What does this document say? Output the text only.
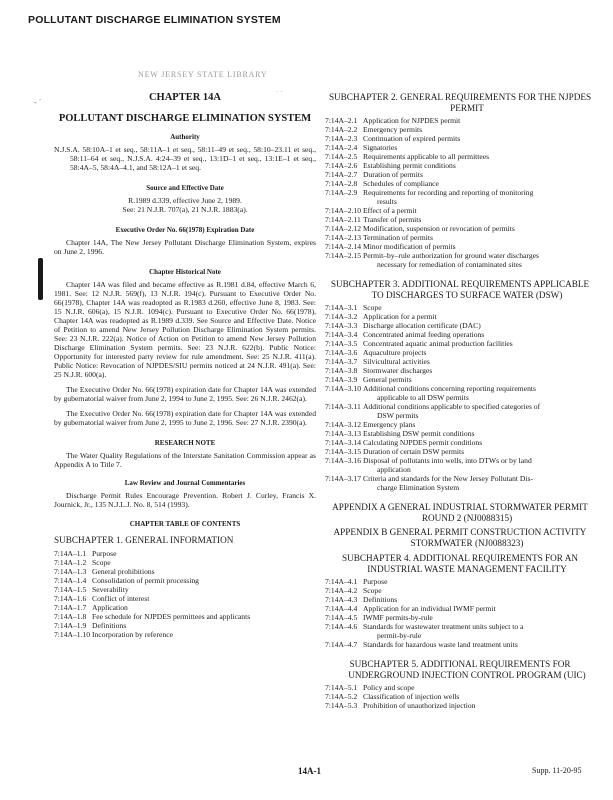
POLLUTANT DISCHARGE ELIMINATION SYSTEM
NEW JERSEY STATE LIBRARY
- ´
· ·
CHAPTER 14A
POLLUTANT DISCHARGE ELIMINATION SYSTEM
Authority

N.J.S.A. 58:10A–1 et seq., 58:11A–1 et seq., 58:11–49 et seq., 58:10–23.11 et seq., 58:11–64 et seq., N.J.S.A. 4:24–39 et seq., 13:1D–1 et seq., 13:1E–1 et seq., 58:4A–5, 58:4A–4.1, and 58:12A–1 et seq.

Source and Effective Date

R.1989 d.339, effective June 2, 1989.

See: 21 N.J.R. 707(a), 21 N.J.R. 1883(a).

Executive Order No. 66(1978) Expiration Date

Chapter 14A, The New Jersey Pollutant Discharge Elimination System, expires on June 2, 1996.

Chapter Historical Note

Chapter 14A was filed and became effective as R.1981 d.84, effective March 6, 1981. See: 12 N.J.R. 569(f), 13 N.J.R. 194(c). Pursuant to Executive Order No. 66(1978), Chapter 14A was readopted as R.1983 d.260, effective June 8, 1983. See: 15 N.J.R. 606(a), 15 N.J.R. 1094(c). Pursuant to Executive Order No. 66(1978), Chapter 14A was readopted as R.1989 d.339. See Source and Effective Date. Notice of Petition to amend New Jersey Pollution Discharge Elimination System permits. See: 23 N.J.R. 222(a). Notice of Action on Petition to amend New Jersey Pollution Discharge Elimination System permits. See: 23 N.J.R. 622(b). Public Notice: Opportunity for interested party review for rule amendment. See: 25 N.J.R. 411(a). Public Notice: Revocation of NJPDES/SIU permits noticed at 24 N.J.R. 491(a). See: 25 N.J.R. 600(a).

The Executive Order No. 66(1978) expiration date for Chapter 14A was extended by gubernatorial waiver from June 2, 1994 to June 2, 1995. See: 26 N.J.R. 2462(a).

The Executive Order No. 66(1978) expiration date for Chapter 14A was extended by gubernatorial waiver from June 2, 1995 to June 2, 1996. See: 27 N.J.R. 2390(a).

RESEARCH NOTE

The Water Quality Regulations of the Interstate Sanitation Commission appear as Appendix A to Title 7.

Law Review and Journal Commentaries

Discharge Permit Rules Encourage Prevention. Robert J. Curley, Francis X. Journick, Jr., 135 N.J.L.J. No. 8, 514 (1993).

CHAPTER TABLE OF CONTENTS
SUBCHAPTER 1. GENERAL INFORMATION
7:14A–1.1 Purpose
7:14A–1.2 Scope
7:14A–1.3 General prohibitions
7:14A–1.4 Consolidation of permit processing
7:14A–1.5 Severability
7:14A–1.6 Conflict of interest
7:14A–1.7 Application
7:14A–1.8 Fee schedule for NJPDES permittees and applicants
7:14A–1.9 Definitions
7:14A–1.10 Incorporation by reference
SUBCHAPTER 2. GENERAL REQUIREMENTS FOR THE NJPDES PERMIT
7:14A–2.1 Application for NJPDES permit
7:14A–2.2 Emergency permits
7:14A–2.3 Continuation of expired permits
7:14A–2.4 Signatories
7:14A–2.5 Requirements applicable to all permittees
7:14A–2.6 Establishing permit conditions
7:14A–2.7 Duration of permits
7:14A–2.8 Schedules of compliance
7:14A–2.9 Requirements for recording and reporting of monitoring
results
7:14A–2.10 Effect of a permit
7:14A–2.11 Transfer of permits
7:14A–2.12 Modification, suspension or revocation of permits
7:14A–2.13 Termination of permits
7:14A–2.14 Minor modification of permits
7:14A–2.15 Permit–by–rule authorization for ground water discharges
necessary for remediation of contaminated sites
SUBCHAPTER 3. ADDITIONAL REQUIREMENTS APPLICABLE TO DISCHARGES TO SURFACE WATER (DSW)
7:14A–3.1 Scope
7:14A–3.2 Application for a permit
7:14A–3.3 Discharge allocation certificate (DAC)
7:14A–3.4 Concentrated animal feeding operations
7:14A–3.5 Concentrated aquatic animal production facilities
7:14A–3.6 Aquaculture projects
7:14A–3.7 Silvicultural activities
7:14A–3.8 Stormwater discharges
7:14A–3.9 General permits
7:14A–3.10 Additional conditions concerning reporting requirements
applicable to all DSW permits
7:14A–3.11 Additional conditions applicable to specified categories of
DSW permits
7:14A–3.12 Emergency plans
7:14A–3.13 Establishing DSW permit conditions
7:14A–3.14 Calculating NJPDES permit conditions
7:14A–3.15 Duration of certain DSW permits
7:14A–3.16 Disposal of pollutants into wells, into DTWs or by land
application
7:14A–3.17 Criteria and standards for the New Jersey Pollutant Dis-
charge Elimination System
APPENDIX A GENERAL INDUSTRIAL STORMWATER PERMIT ROUND 2 (NJ0088315)
APPENDIX B GENERAL PERMIT CONSTRUCTION ACTIVITY STORMWATER (NJ0088323)
SUBCHAPTER 4. ADDITIONAL REQUIREMENTS FOR AN INDUSTRIAL WASTE MANAGEMENT FACILITY
7:14A–4.1 Purpose
7:14A–4.2 Scope
7:14A–4.3 Definitions
7:14A–4.4 Application for an individual IWMF permit
7:14A–4.5 IWMF permits-by-rule
7:14A–4.6 Standards for wastewater treatment units subject to a
permit-by-rule
7:14A–4.7 Standards for hazardous waste land treatment units
SUBCHAPTER 5. ADDITIONAL REQUIREMENTS FOR UNDERGROUND INJECTION CONTROL PROGRAM (UIC)
7:14A–5.1 Policy and scope
7:14A–5.2 Classification of injection wells
7:14A–5.3 Prohibition of unauthorized injection
14A-1	Supp. 11-20-95
